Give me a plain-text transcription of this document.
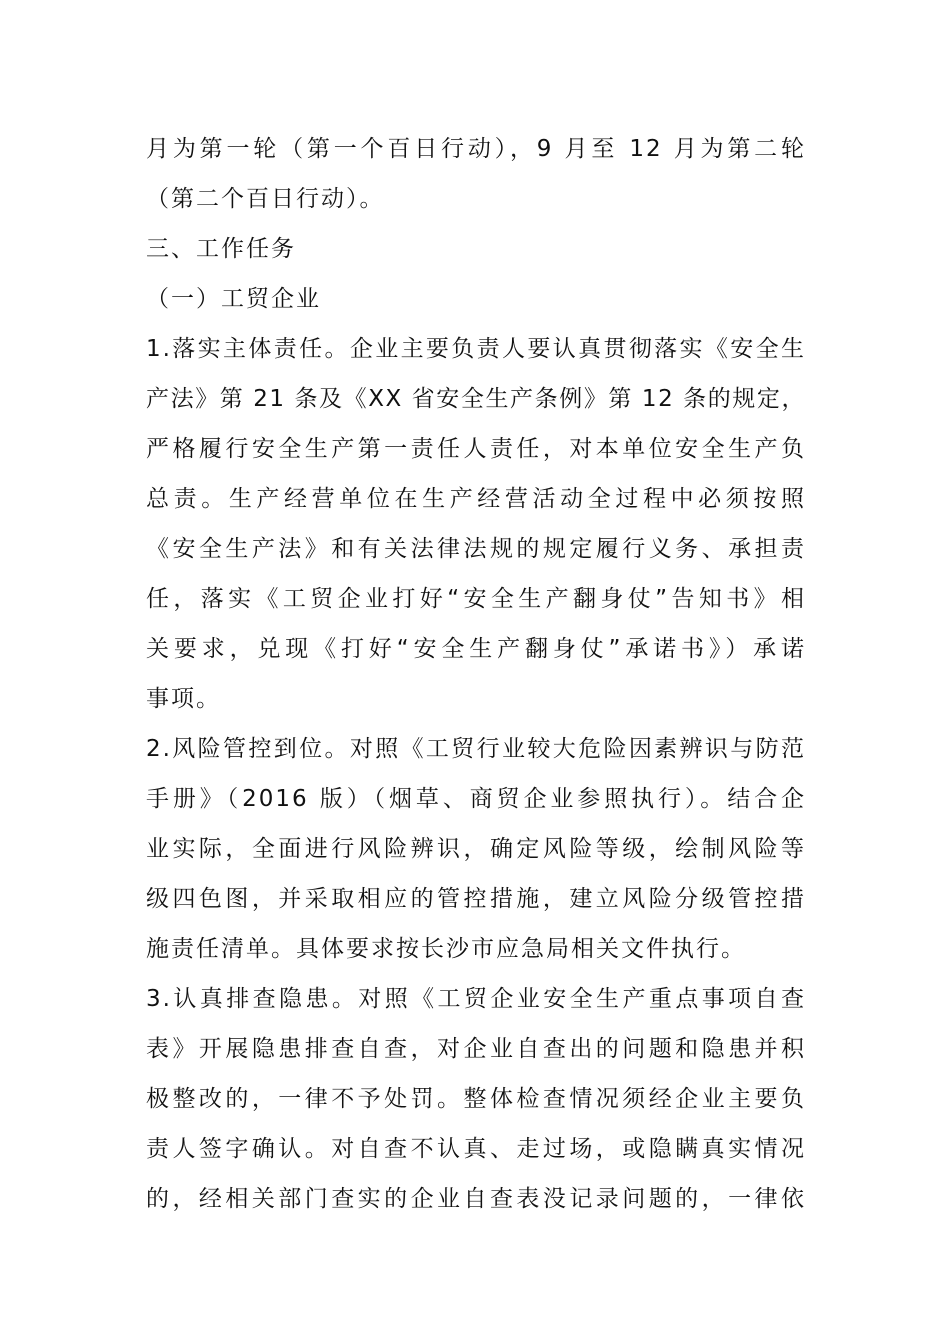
月为第一轮（第一个百日行动），9 月至 12 月为第二轮
（第二个百日行动）。
三、工作任务
（一）工贸企业
1.落实主体责任。企业主要负责人要认真贯彻落实《安全生
产法》第 21 条及《XX 省安全生产条例》第 12 条的规定，
严格履行安全生产第一责任人责任，对本单位安全生产负
总责。生产经营单位在生产经营活动全过程中必须按照
《安全生产法》和有关法律法规的规定履行义务、承担责
任，落实《工贸企业打好“安全生产翻身仗”告知书》相
关要求，兑现《打好“安全生产翻身仗”承诺书》）承诺
事项。
2.风险管控到位。对照《工贸行业较大危险因素辨识与防范
手册》（2016 版）（烟草、商贸企业参照执行）。结合企
业实际，全面进行风险辨识，确定风险等级，绘制风险等
级四色图，并采取相应的管控措施，建立风险分级管控措
施责任清单。具体要求按长沙市应急局相关文件执行。
3.认真排查隐患。对照《工贸企业安全生产重点事项自查
表》开展隐患排查自查，对企业自查出的问题和隐患并积
极整改的，一律不予处罚。整体检查情况须经企业主要负
责人签字确认。对自查不认真、走过场，或隐瞒真实情况
的，经相关部门查实的企业自查表没记录问题的，一律依
